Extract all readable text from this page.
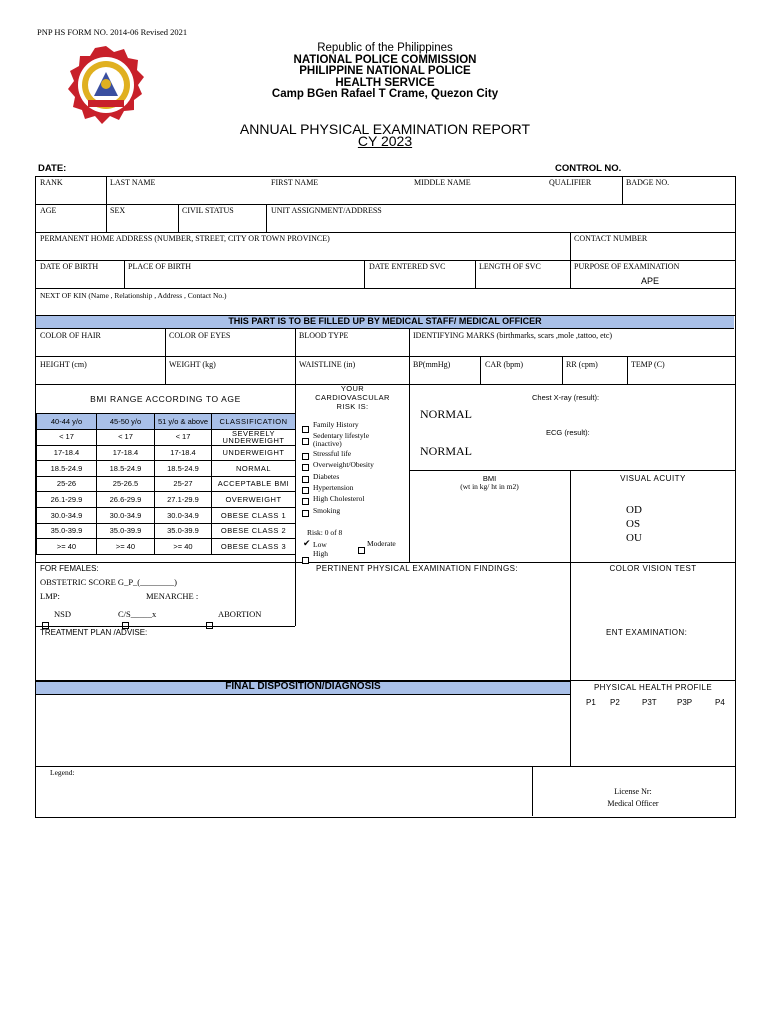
PNP HS FORM NO. 2014-06 Revised 2021
Republic of the Philippines
NATIONAL POLICE COMMISSION
PHILIPPINE NATIONAL POLICE
HEALTH SERVICE
Camp BGen Rafael T Crame, Quezon City
ANNUAL PHYSICAL EXAMINATION REPORT
CY 2023
DATE:	CONTROL NO.
RANK	LAST NAME	FIRST NAME	MIDDLE NAME	QUALIFIER	BADGE NO.
AGE	SEX	CIVIL STATUS	UNIT ASSIGNMENT/ADDRESS
PERMANENT HOME ADDRESS (NUMBER, STREET, CITY OR TOWN PROVINCE)	CONTACT NUMBER
DATE OF BIRTH	PLACE OF BIRTH	DATE ENTERED SVC	LENGTH OF SVC	PURPOSE OF EXAMINATION
APE
NEXT OF KIN (Name , Relationship , Address , Contact No.)
THIS PART IS TO BE FILLED UP BY MEDICAL STAFF/ MEDICAL OFFICER
COLOR OF HAIR	COLOR OF EYES	BLOOD TYPE	IDENTIFYING MARKS (birthmarks, scars ,mole ,tattoo, etc)
HEIGHT (cm)	WEIGHT (kg)	WAISTLINE (in)	BP(mmHg)	CAR (bpm)	RR (cpm)	TEMP (C)
BMI RANGE ACCORDING TO AGE
40-44 y/o	45-50 y/o	51 y/o & above	CLASSIFICATION
< 17	< 17	< 17	SEVERELY UNDERWEIGHT
17-18.4	17-18.4	17-18.4	UNDERWEIGHT
18.5-24.9	18.5-24.9	18.5-24.9	NORMAL
25-26	25-26.5	25-27	ACCEPTABLE BMI
26.1-29.9	26.6-29.9	27.1-29.9	OVERWEIGHT
30.0-34.9	30.0-34.9	30.0-34.9	OBESE CLASS 1
35.0-39.9	35.0-39.9	35.0-39.9	OBESE CLASS 2
>= 40	>= 40	>= 40	OBESE CLASS 3
YOUR
CARDIOVASCULAR
RISK IS:
Family History
Sedentary lifestyle (inactive)
Stressful life
Overweight/Obesity
Diabetes
Hypertension
High Cholesterol
Smoking
Risk: 0 of 8
✔ Low	Moderate
High
Chest X-ray (result):
NORMAL
ECG (result):
NORMAL
BMI
(wt in kg/ ht in m2)
VISUAL ACUITY
OD
OS
OU
FOR FEMALES:
OBSTETRIC SCORE G_P_(________)
LMP:	MENARCHE :
NSD	C/S_____x	ABORTION
PERTINENT PHYSICAL EXAMINATION FINDINGS:	COLOR VISION TEST
TREATMENT PLAN /ADVISE:	ENT EXAMINATION:
FINAL DISPOSITION/DIAGNOSIS	PHYSICAL HEALTH PROFILE
P1 P2	P3T	P3P	P4
Legend:
License Nr:
Medical Officer
